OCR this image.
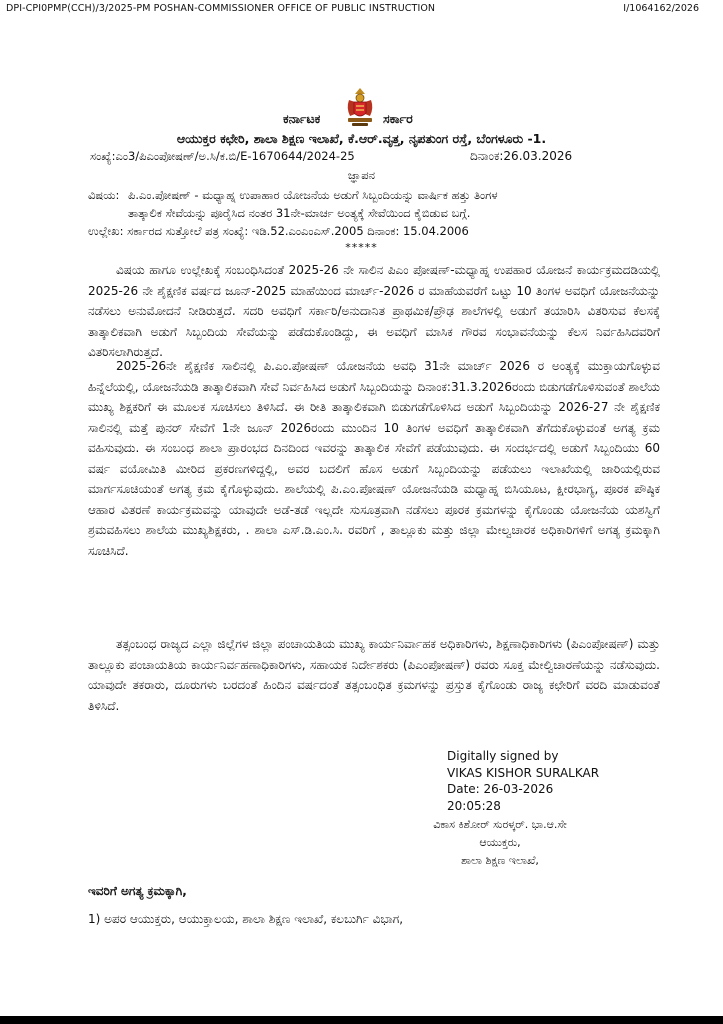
DPI-CPI0PMP(CCH)/3/2025-PM POSHAN-COMMISSIONER OFFICE OF PUBLIC INSTRUCTION	I/1064162/2026
ಕರ್ನಾಟಕ	ಸರ್ಕಾರ
ಆಯುಕ್ತರ ಕಛೇರಿ, ಶಾಲಾ ಶಿಕ್ಷಣ ಇಲಾಖೆ, ಕೆ.ಆರ್.ವೃತ್ತ, ನೃಪತುಂಗ ರಸ್ತೆ, ಬೆಂಗಳೂರು -1.
ಸಂಖ್ಯೆ:ಎಂ3/ಪಿಎಂಪೋಷಣ್/ಅ.ಸಿ/ಕ.ಬಿ/E-1670644/2024-25	ದಿನಾಂಕ:26.03.2026
ಜ್ಞಾಪನ
ವಿಷಯ: ಪಿ.ಎಂ.ಪೋಷಣ್ - ಮಧ್ಯಾಹ್ನ ಉಪಾಹಾರ ಯೋಜನೆಯ ಅಡುಗೆ ಸಿಬ್ಬಂದಿಯನ್ನು ವಾರ್ಷಿಕ ಹತ್ತು ತಿಂಗಳ
ತಾತ್ಕಾಲಿಕ ಸೇವೆಯನ್ನು ಪೂರೈಸಿದ ನಂತರ 31ನೇ-ಮಾರ್ಚ ಅಂತ್ಯಕ್ಕೆ ಸೇವೆಯಿಂದ ಕೈಬಿಡುವ ಬಗ್ಗೆ.
ಉಲ್ಲೇಖ: ಸರ್ಕಾರದ ಸುತ್ತೋಲೆ ಪತ್ರ ಸಂಖ್ಯೆ: ಇಡಿ.52.ಎಂಎಂಎಸ್.2005 ದಿನಾಂಕ: 15.04.2006
*****
ವಿಷಯ ಹಾಗೂ ಉಲ್ಲೇಖಕ್ಕೆ ಸಂಬಂಧಿಸಿದಂತೆ 2025-26 ನೇ ಸಾಲಿನ ಪಿಎಂ ಪೋಷಣ್-ಮಧ್ಯಾಹ್ನ ಉಪಹಾರ ಯೋಜನೆ ಕಾರ್ಯಕ್ರಮದಡಿಯಲ್ಲಿ 2025-26 ನೇ ಶೈಕ್ಷಣಿಕ ವರ್ಷದ ಜೂನ್-2025 ಮಾಹೆಯಿಂದ ಮಾರ್ಚ್-2026 ರ ಮಾಹೆಯವರೆಗೆ ಒಟ್ಟು 10 ತಿಂಗಳ ಅವಧಿಗೆ ಯೋಜನೆಯನ್ನು ನಡೆಸಲು ಅನುಮೋದನೆ ನೀಡಿರುತ್ತದೆ. ಸದರಿ ಅವಧಿಗೆ ಸರ್ಕಾರಿ/ಅನುದಾನಿತ ಪ್ರಾಥಮಿಕ/ಪ್ರೌಢ ಶಾಲೆಗಳಲ್ಲಿ ಅಡುಗೆ ತಯಾರಿಸಿ ವಿತರಿಸುವ ಕೆಲಸಕ್ಕೆ ತಾತ್ಕಾಲಿಕವಾಗಿ ಅಡುಗೆ ಸಿಬ್ಬಂದಿಯ ಸೇವೆಯನ್ನು ಪಡೆದುಕೊಂಡಿದ್ದು, ಈ ಅವಧಿಗೆ ಮಾಸಿಕ ಗೌರವ ಸಂಭಾವನೆಯನ್ನು ಕೆಲಸ ನಿರ್ವಹಿಸಿದವರಿಗೆ ವಿತರಿಸಲಾಗಿರುತ್ತದೆ.
2025-26ನೇ ಶೈಕ್ಷಣಿಕ ಸಾಲಿನಲ್ಲಿ ಪಿ.ಎಂ.ಪೋಷಣ್ ಯೋಜನೆಯ ಅವಧಿ 31ನೇ ಮಾರ್ಚ್ 2026 ರ ಅಂತ್ಯಕ್ಕೆ ಮುಕ್ತಾಯಗೊಳ್ಳುವ ಹಿನ್ನೆಲೆಯಲ್ಲಿ, ಯೋಜನೆಯಡಿ ತಾತ್ಕಾಲಿಕವಾಗಿ ಸೇವೆ ನಿರ್ವಹಿಸಿದ ಅಡುಗೆ ಸಿಬ್ಬಂದಿಯನ್ನು ದಿನಾಂಕ:31.3.2026ರಂದು ಬಿಡುಗಡೆಗೊಳಿಸುವಂತೆ ಶಾಲೆಯ ಮುಖ್ಯ ಶಿಕ್ಷಕರಿಗೆ ಈ ಮೂಲಕ ಸೂಚಿಸಲು ತಿಳಿಸಿದೆ. ಈ ರೀತಿ ತಾತ್ಕಾಲಿಕವಾಗಿ ಬಿಡುಗಡೆಗೊಳಿಸಿದ ಅಡುಗೆ ಸಿಬ್ಬಂದಿಯನ್ನು 2026-27 ನೇ ಶೈಕ್ಷಣಿಕ ಸಾಲಿನಲ್ಲಿ ಮತ್ತೆ ಪುನರ್ ಸೇವೆಗೆ 1ನೇ ಜೂನ್ 2026ರಂದು ಮುಂದಿನ 10 ತಿಂಗಳ ಅವಧಿಗೆ ತಾತ್ಕಾಲಿಕವಾಗಿ ತೆಗೆದುಕೊಳ್ಳುವಂತೆ ಅಗತ್ಯ ಕ್ರಮ ವಹಿಸುವುದು. ಈ ಸಂಬಂಧ ಶಾಲಾ ಪ್ರಾರಂಭದ ದಿನದಿಂದ ಇವರನ್ನು ತಾತ್ಕಾಲಿಕ ಸೇವೆಗೆ ಪಡೆಯುವುದು. ಈ ಸಂದರ್ಭದಲ್ಲಿ ಅಡುಗೆ ಸಿಬ್ಬಂದಿಯು 60 ವರ್ಷ ವಯೋಮಿತಿ ಮೀರಿದ ಪ್ರಕರಣಗಳಿದ್ದಲ್ಲಿ, ಅವರ ಬದಲಿಗೆ ಹೊಸ ಅಡುಗೆ ಸಿಬ್ಬಂದಿಯನ್ನು ಪಡೆಯಲು ಇಲಾಖೆಯಲ್ಲಿ ಜಾರಿಯಲ್ಲಿರುವ ಮಾರ್ಗಸೂಚಿಯಂತೆ ಅಗತ್ಯ ಕ್ರಮ ಕೈಗೊಳ್ಳುವುದು. ಶಾಲೆಯಲ್ಲಿ ಪಿ.ಎಂ.ಪೋಷಣ್ ಯೋಜನೆಯಡಿ ಮಧ್ಯಾಹ್ನ ಬಿಸಿಯೂಟ, ಕ್ಷೀರಭಾಗ್ಯ, ಪೂರಕ ಪೌಷ್ಠಿಕ ಆಹಾರ ವಿತರಣೆ ಕಾರ್ಯಕ್ರಮವನ್ನು ಯಾವುದೇ ಅಡೆ-ತಡೆ ಇಲ್ಲದೇ ಸುಸೂತ್ರವಾಗಿ ನಡೆಸಲು ಪೂರಕ ಕ್ರಮಗಳನ್ನು ಕೈಗೊಂಡು ಯೋಜನೆಯ ಯಶಸ್ವಿಗೆ ಶ್ರಮವಹಿಸಲು ಶಾಲೆಯ ಮುಖ್ಯಶಿಕ್ಷಕರು, . ಶಾಲಾ ಎಸ್.ಡಿ.ಎಂ.ಸಿ. ರವರಿಗೆ , ತಾಲ್ಲೂಕು ಮತ್ತು ಜಿಲ್ಲಾ ಮೇಲ್ವಚಾರಕ ಅಧಿಕಾರಿಗಳಿಗೆ ಅಗತ್ಯ ಕ್ರಮಕ್ಕಾಗಿ ಸೂಚಿಸಿದೆ.
ತತ್ಸಂಬಂಧ ರಾಜ್ಯದ ಎಲ್ಲಾ ಜಿಲ್ಲೆಗಳ ಜಿಲ್ಲಾ ಪಂಚಾಯತಿಯ ಮುಖ್ಯ ಕಾರ್ಯನಿರ್ವಾಹಕ ಅಧಿಕಾರಿಗಳು, ಶಿಕ್ಷಣಾಧಿಕಾರಿಗಳು (ಪಿಎಂಪೋಷಣ್) ಮತ್ತು ತಾಲ್ಲೂಕು ಪಂಚಾಯತಿಯ ಕಾರ್ಯನಿರ್ವಹಣಾಧಿಕಾರಿಗಳು, ಸಹಾಯಕ ನಿರ್ದೇಶಕರು (ಪಿಎಂಪೋಷಣ್) ರವರು ಸೂಕ್ತ ಮೇಲ್ವಿಚಾರಣೆಯನ್ನು ನಡೆಸುವುದು. ಯಾವುದೇ ತಕರಾರು, ದೂರುಗಳು ಬರದಂತೆ ಹಿಂದಿನ ವರ್ಷದಂತೆ ತತ್ಸಂಬಂಧಿತ ಕ್ರಮಗಳನ್ನು ಪ್ರಸ್ತುತ ಕೈಗೊಂಡು ರಾಜ್ಯ ಕಛೇರಿಗೆ ವರದಿ ಮಾಡುವಂತೆ ತಿಳಿಸಿದೆ.
Digitally signed by
VIKAS KISHOR SURALKAR
Date: 26-03-2026
20:05:28
ವಿಕಾಸ ಕಿಶೋರ್ ಸುರಳ್ಕರ್. ಭಾ.ಆ.ಸೇ
ಆಯುಕ್ತರು,
ಶಾಲಾ ಶಿಕ್ಷಣ ಇಲಾಖೆ,
ಇವರಿಗೆ ಅಗತ್ಯ ಕ್ರಮಕ್ಕಾಗಿ,
1) ಅಪರ ಆಯುಕ್ತರು, ಆಯುಕ್ತಾಲಯ, ಶಾಲಾ ಶಿಕ್ಷಣ ಇಲಾಖೆ, ಕಲಬುರ್ಗಿ ವಿಭಾಗ,
